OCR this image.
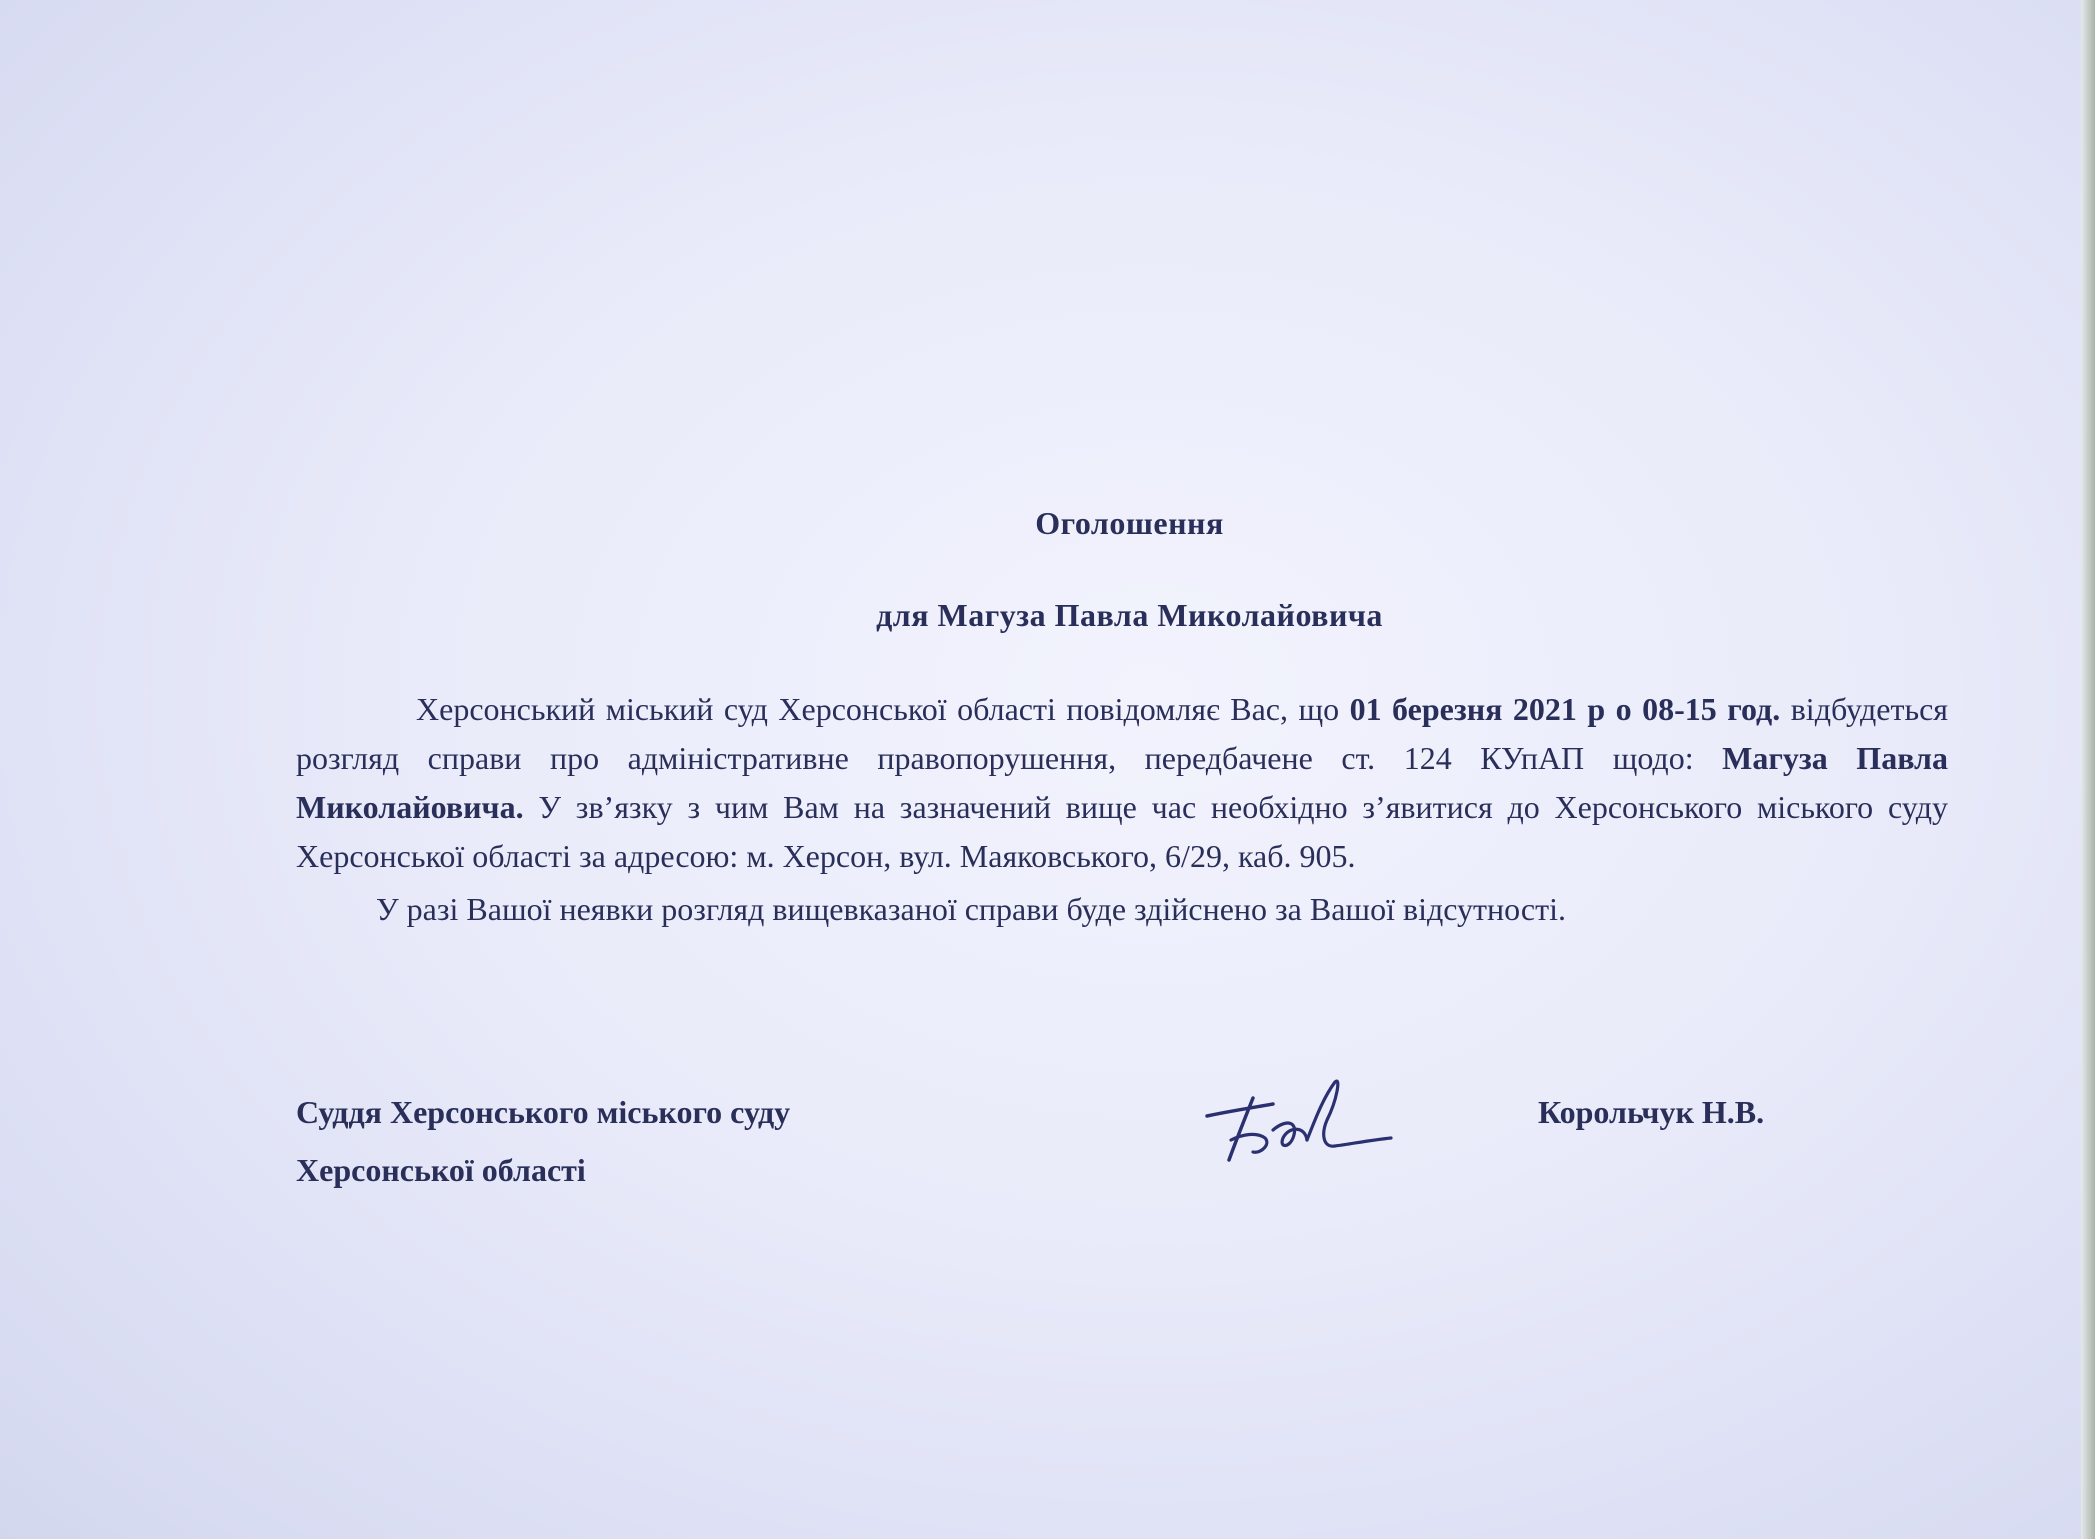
Оголошення
для Магуза Павла Миколайовича

Херсонський міський суд Херсонської області повідомляє Вас, що 01 березня 2021 р о 08-15 год. відбудеться розгляд справи про адміністративне правопорушення, передбачене ст. 124 КУпАП щодо: Магуза Павла Миколайовича. У зв’язку з чим Вам на зазначений вище час необхідно з’явитися до Херсонського міського суду Херсонської області за адресою: м. Херсон, вул. Маяковського, 6/29, каб. 905.

У разі Вашої неявки розгляд вищевказаної справи буде здійснено за Вашої відсутності.

Суддя Херсонського міського суду
Херсонської області
Корольчук Н.В.
